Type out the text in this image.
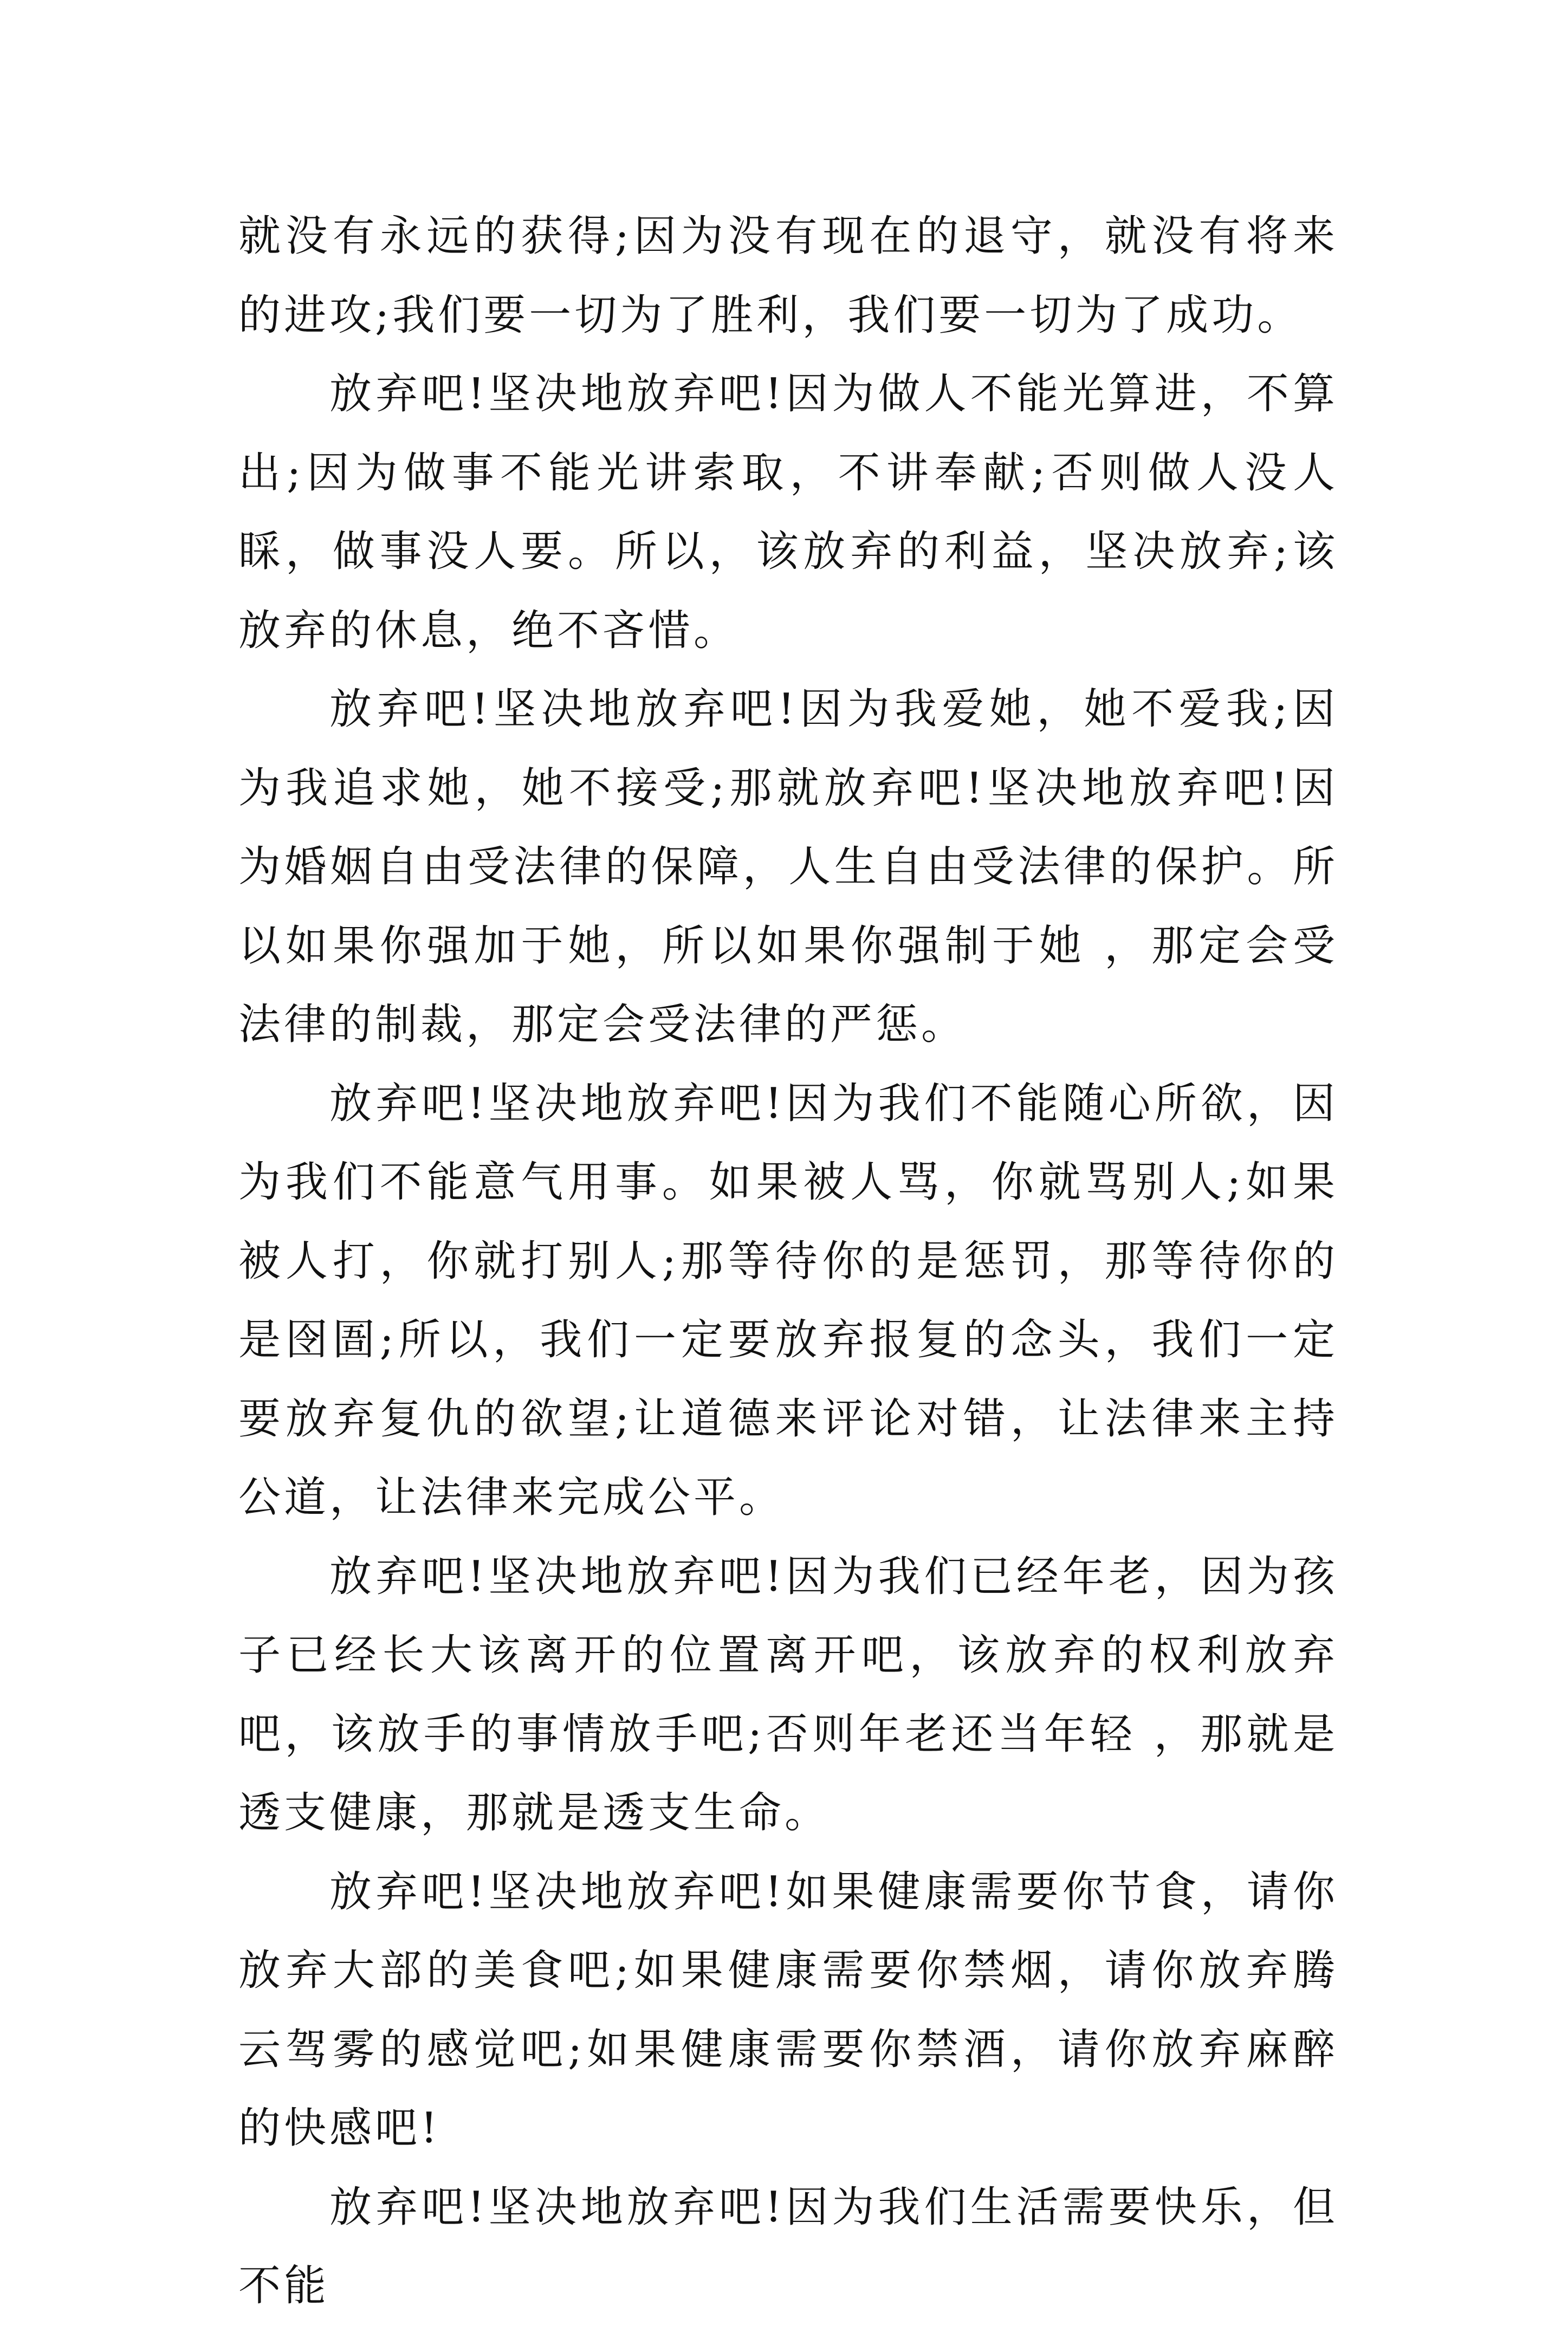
就没有永远的获得;因为没有现在的退守，就没有将来的进攻;我们要一切为了胜利，我们要一切为了成功。

放弃吧!坚决地放弃吧!因为做人不能光算进，不算出;因为做事不能光讲索取，不讲奉献;否则做人没人睬，做事没人要。所以，该放弃的利益，坚决放弃;该放弃的休息，绝不吝惜。

放弃吧!坚决地放弃吧!因为我爱她，她不爱我;因为我追求她，她不接受;那就放弃吧!坚决地放弃吧!因为婚姻自由受法律的保障，人生自由受法律的保护。所以如果你强加于她，所以如果你强制于她 ，那定会受法律的制裁，那定会受法律的严惩。

放弃吧!坚决地放弃吧!因为我们不能随心所欲，因为我们不能意气用事。如果被人骂，你就骂别人;如果被人打，你就打别人;那等待你的是惩罚，那等待你的是囹圄;所以，我们一定要放弃报复的念头，我们一定要放弃复仇的欲望;让道德来评论对错，让法律来主持公道，让法律来完成公平。

放弃吧!坚决地放弃吧!因为我们已经年老，因为孩子已经长大该离开的位置离开吧，该放弃的权利放弃吧，该放手的事情放手吧;否则年老还当年轻 ，那就是透支健康，那就是透支生命。

放弃吧!坚决地放弃吧!如果健康需要你节食，请你放弃大部的美食吧;如果健康需要你禁烟，请你放弃腾云驾雾的感觉吧;如果健康需要你禁酒，请你放弃麻醉的快感吧!

放弃吧!坚决地放弃吧!因为我们生活需要快乐，但不能
